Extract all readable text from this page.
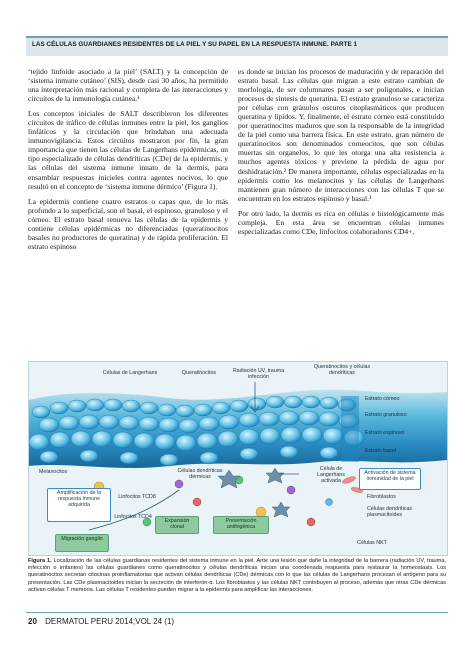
LAS CÉLULAS GUARDIANES RESIDENTES DE LA PIEL Y SU PAPEL EN LA RESPUESTA INMUNE. PARTE 1

‘tejido linfoide asociado a la piel’ (SALT) y la concepción de ‘sistema inmune cutáneo’ (SIS), desde casi 30 años, ha permitido una interpretación más racional y completa de las interacciones y circuitos de la inmunología cutánea.¹

Los conceptos iniciales de SALT describieron los diferentes circuitos de tráfico de células inmunes entre la piel, los ganglios linfáticos y la circulación que brindaban una adecuada inmunovigilancia. Estos circuitos mostraron por fin, la gran importancia que tienen las células de Langerhans epidérmicas, un tipo especializado de células dendríticas (CDe) de la epidermis, y las células del sistema inmune innato de la dermis, para ensamblar respuestas inicieles contra agentes nocivos, lo que resultó en el concepto de ‘sistema inmune dérmico’ (Figura 1).

La epidermis contiene cuatro estratos o capas que, de lo más profundo a lo superficial, son el basal, el espinoso, granuloso y el córneo. El estrato basal renueva las células de la epidermis y contiene células epidérmicas no diferenciadas (queratinocitos basales no productores de queratina) y de rápida proliferación. El estrato espinoso

es donde se inician los procesos de maduración y de reparación del estrato basal. Las células que migran a este estrato cambian de morfología, de ser columnares pasan a ser poligonales, e inician procesos de síntesis de queratina. El estrato granuloso se caracteriza por células con gránulos oscuros citoplasmáticos que producen queratina y lípidos. Y, finalmente, el estrato córneo está constituido por queratinocitos maduros que son la responsable de la integridad de la piel como una barrera física. En este estrato, gran número de queratinocitos son denominados corneocitos, que son células muertas sin organelos, lo que les otorga una alta resistencia a muchos agentes tóxicos y previene la pérdida de agua por deshidratación.² De manera importante, células especializadas en la epidermis como los melanocitos y las células de Langerhans mantienen gran número de interacciones con las células T que se encuentran en los estratos espinoso y basal.³

Por otro lado, la dermis es rica en células e histológicamente más compleja. En esta área se encuentran células inmunes especializadas como CDe, linfocitos colaboradores CD4+,

Células de Langerhans	Queratinocitos	Radiación UV, trauma infección
Queratinocitos y células dendríticas
Estrato córneo
Estrato granuloso
Estrato espinoso
Estrato basal
Melanocitos	Células dendríticas dérmicas
Célula de Langerhans activada
Activación de sistema inmunidad de la piel
Fibroblastos
Células dendríticas plasmacitoides
Amplificación de la respuesta inmune adquirida
Linfocitos TCD8
Linfocitos TCD4
Expansión clonal
Presentación antihigénica
Migración ganglio
Células NKT
Figura 1. Localización de las células guardianas residentes del sistema inmune en la piel. Ante una lesión que dañe la integridad de la barrera (radiación UV, trauma, infección o irritantes) las células guardianes como queratinocitos y células dendríticas inician una coordenada respuesta para restaurar la homeostasis. Los queratinocitos secretan citocinas proinflamatorias que activan células dendríticas (CDe) dérmicas con lo que las células de Langerhans procesan el antígeno para su presentación. Las CDe plasmacitoides inician la secreción de interferón-α. Los fibroblastos y las células NKT contribuyen al proceso, además que otras CDe dérmicas activan células T memoria. Las células T residentes pueden migrar a la epidermis para amplificar las interacciones.
20 DERMATOL PERU 2014;VOL 24 (1)
